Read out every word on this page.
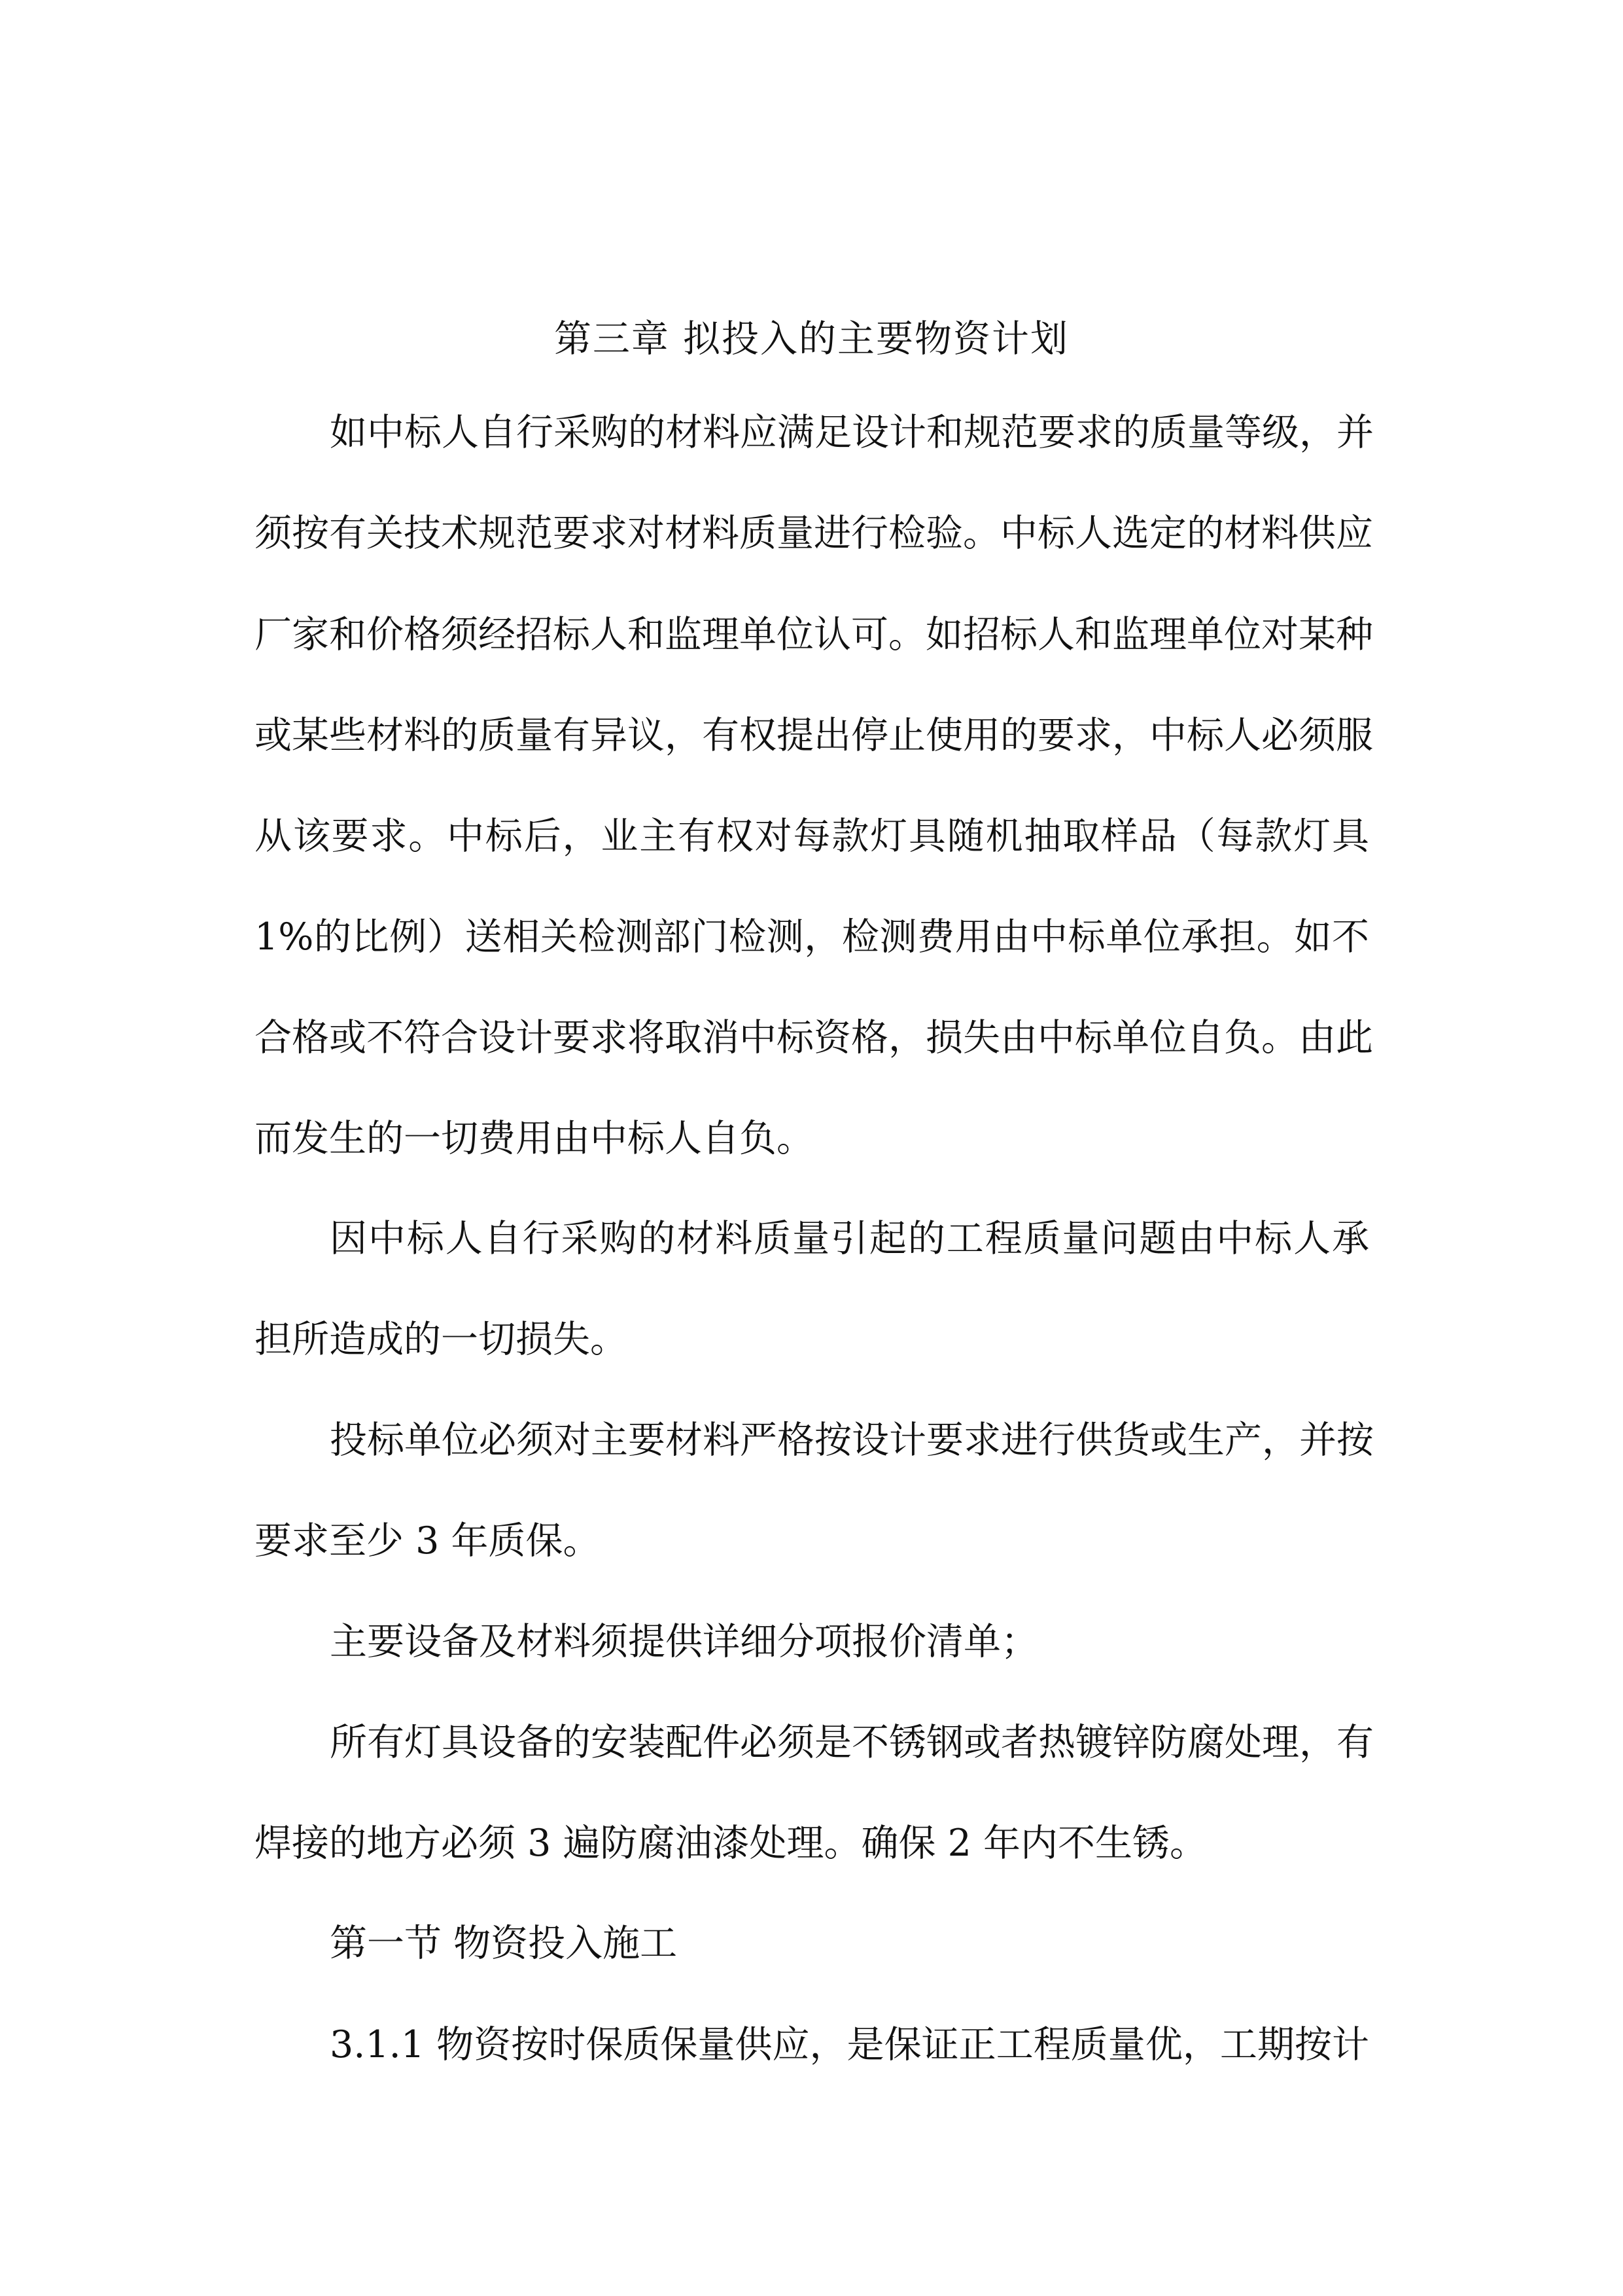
第三章 拟投入的主要物资计划

如中标人自行采购的材料应满足设计和规范要求的质量等级，并

须按有关技术规范要求对材料质量进行检验。中标人选定的材料供应

厂家和价格须经招标人和监理单位认可。如招标人和监理单位对某种

或某些材料的质量有异议，有权提出停止使用的要求，中标人必须服

从该要求。中标后，业主有权对每款灯具随机抽取样品（每款灯具

1%的比例）送相关检测部门检测，检测费用由中标单位承担。如不

合格或不符合设计要求将取消中标资格，损失由中标单位自负。由此

而发生的一切费用由中标人自负。

因中标人自行采购的材料质量引起的工程质量问题由中标人承

担所造成的一切损失。

投标单位必须对主要材料严格按设计要求进行供货或生产，并按

要求至少 3 年质保。

主要设备及材料须提供详细分项报价清单；

所有灯具设备的安装配件必须是不锈钢或者热镀锌防腐处理，有

焊接的地方必须 3 遍防腐油漆处理。确保 2 年内不生锈。

第一节 物资投入施工

3.1.1 物资按时保质保量供应，是保证正工程质量优，工期按计
